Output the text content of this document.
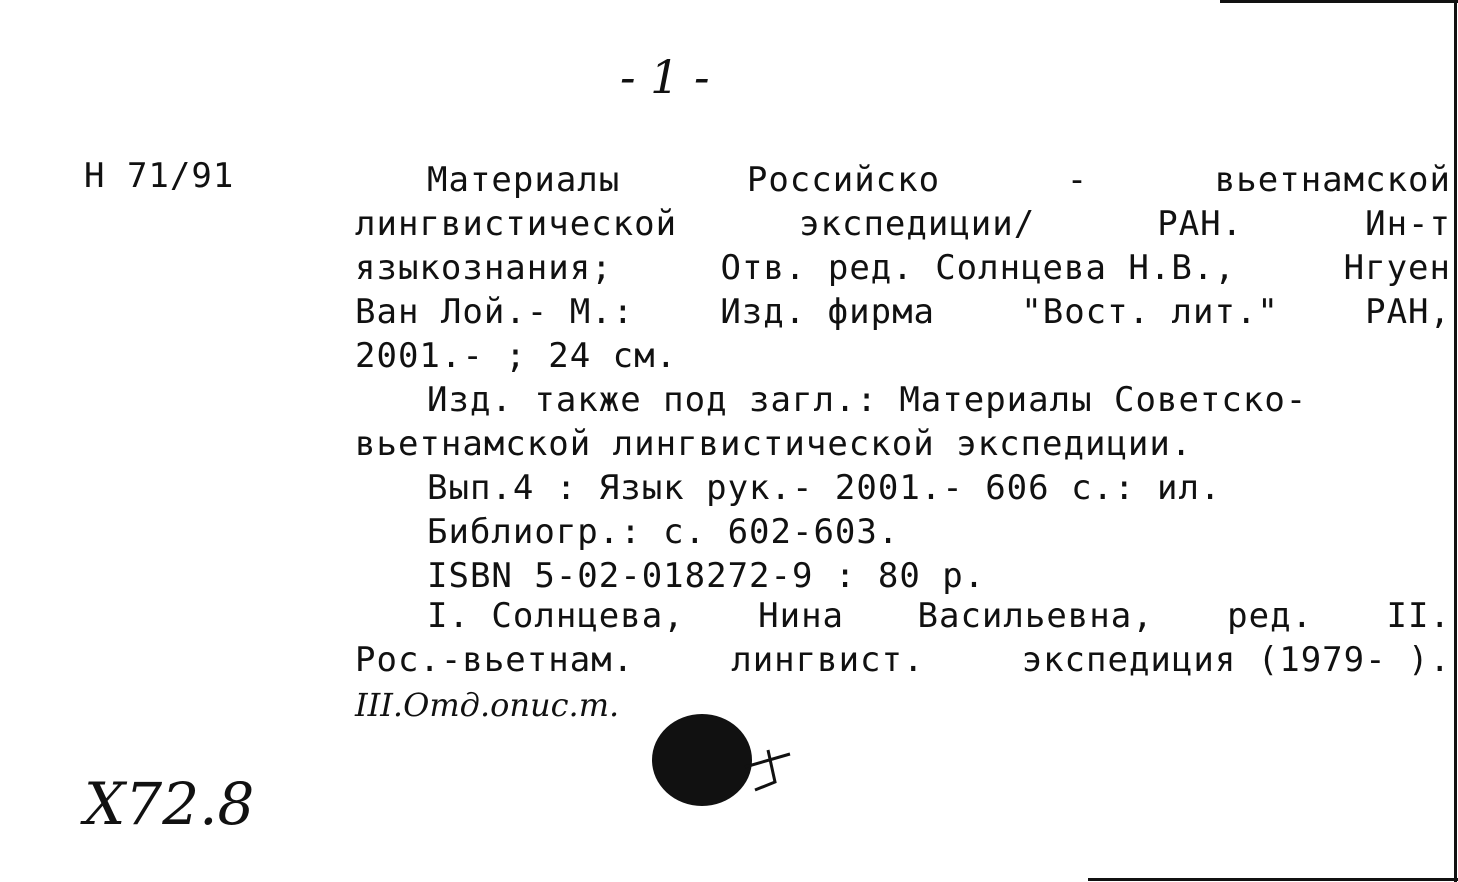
- 1 -
H 71/91	Материалы	Российско	-	вьетнамской
лингвистической	экспедиции/	РАН.	Ин-т
языкознания;	Отв. ред. Солнцева Н.В.,	Нгуен
Ван Лой.- М.:	Изд. фирма	"Вост. лит."	РАН,
2001.- ; 24 см.
Изд. также под загл.: Материалы Советско-
вьетнамской лингвистической экспедиции.
Вып.4 : Язык рук.- 2001.- 606 с.: ил.
Библиогр.: с. 602-603.
ISBN 5-02-018272-9 : 80 р.
I. Солнцева, Нина Васильевна, ред. II.
Рос.-вьетнам.	лингвист.	экспедиция (1979- ).
III.Отд.опис.т.
X72.8
